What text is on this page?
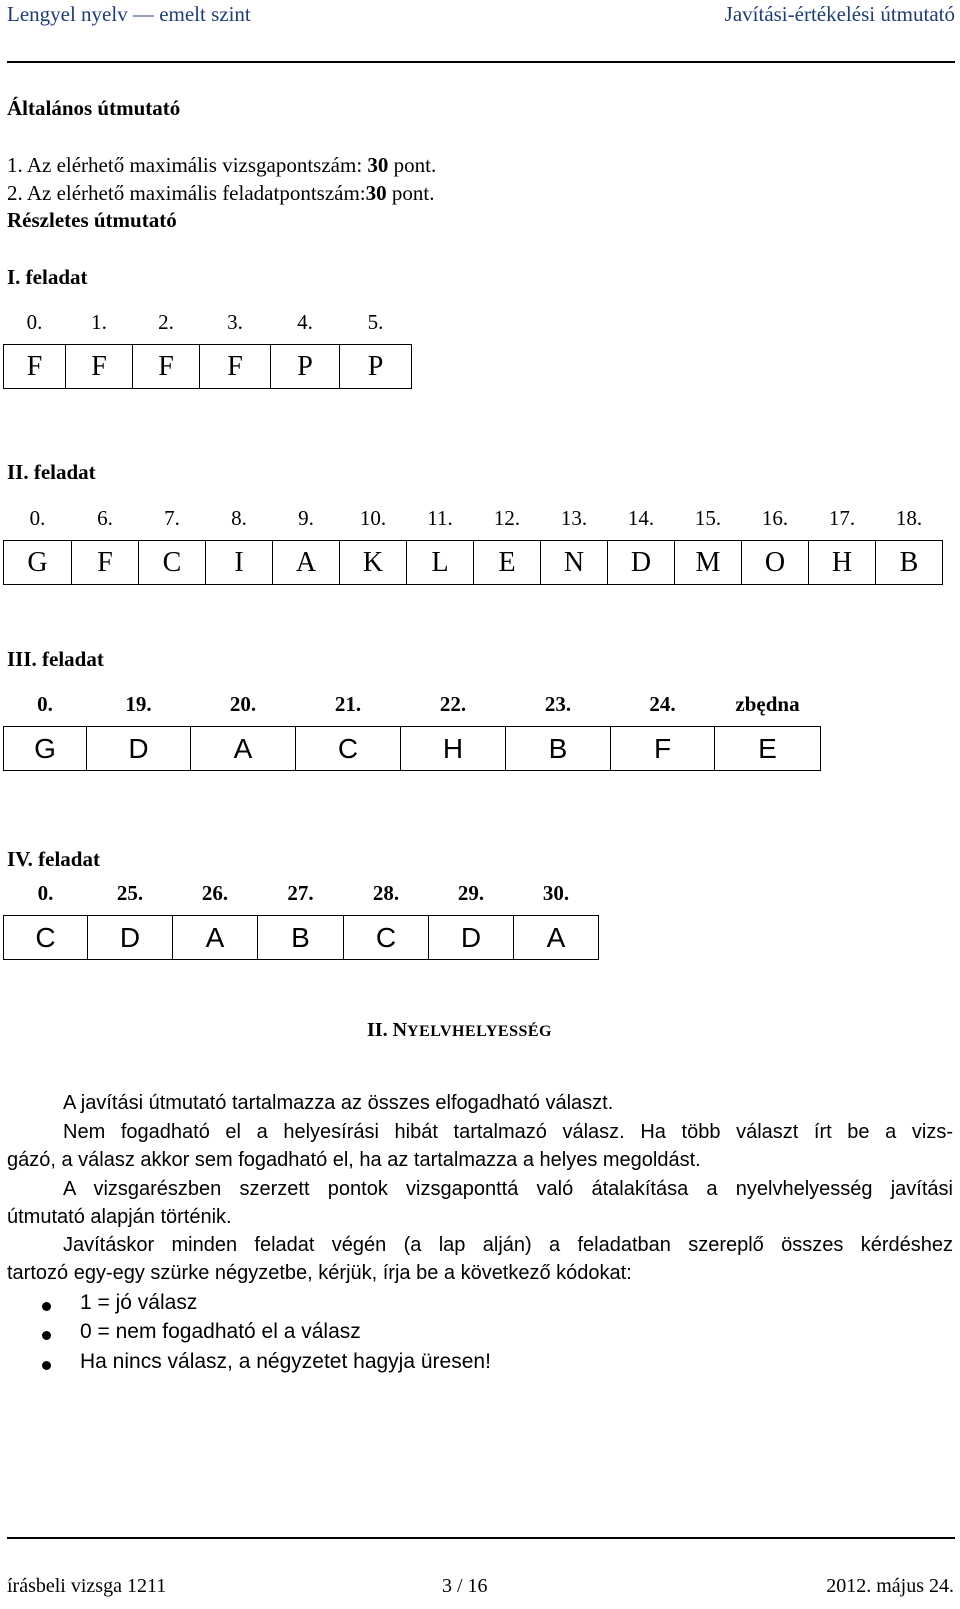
Lengyel nyelv — emelt szint	Javítási-értékelési útmutató
Általános útmutató
1. Az elérhető maximális vizsgapontszám: 30 pont.
2. Az elérhető maximális feladatpontszám:30 pont.
Részletes útmutató
I. feladat
0.	1.	2.	3.	4.	5.
F	F	F	F	P	P
II. feladat
0.	6.	7.	8.	9.	10.	11.	12.	13.	14.	15.	16.	17.	18.
G	F	C	I	A	K	L	E	N	D	M	O	H	B
III. feladat
0.	19.	20.	21.	22.	23.	24.	zbędna
G	D	A	C	H	B	F	E
IV. feladat
0.	25.	26.	27.	28.	29.	30.
C	D	A	B	C	D	A
II. NYELVHELYESSÉG
A javítási útmutató tartalmazza az összes elfogadható választ.
Nem fogadható el a helyesírási hibát tartalmazó válasz. Ha több választ írt be a vizs-
gázó, a válasz akkor sem fogadható el, ha az tartalmazza a helyes megoldást.
A vizsgarészben szerzett pontok vizsgaponttá való átalakítása a nyelvhelyesség javítási
útmutató alapján történik.
Javításkor minden feladat végén (a lap alján) a feladatban szereplő összes kérdéshez
tartozó egy-egy szürke négyzetbe, kérjük, írja be a következő kódokat:
1 = jó válasz
0 = nem fogadható el a válasz
Ha nincs válasz, a négyzetet hagyja üresen!
írásbeli vizsga 1211	3 / 16	2012. május 24.
